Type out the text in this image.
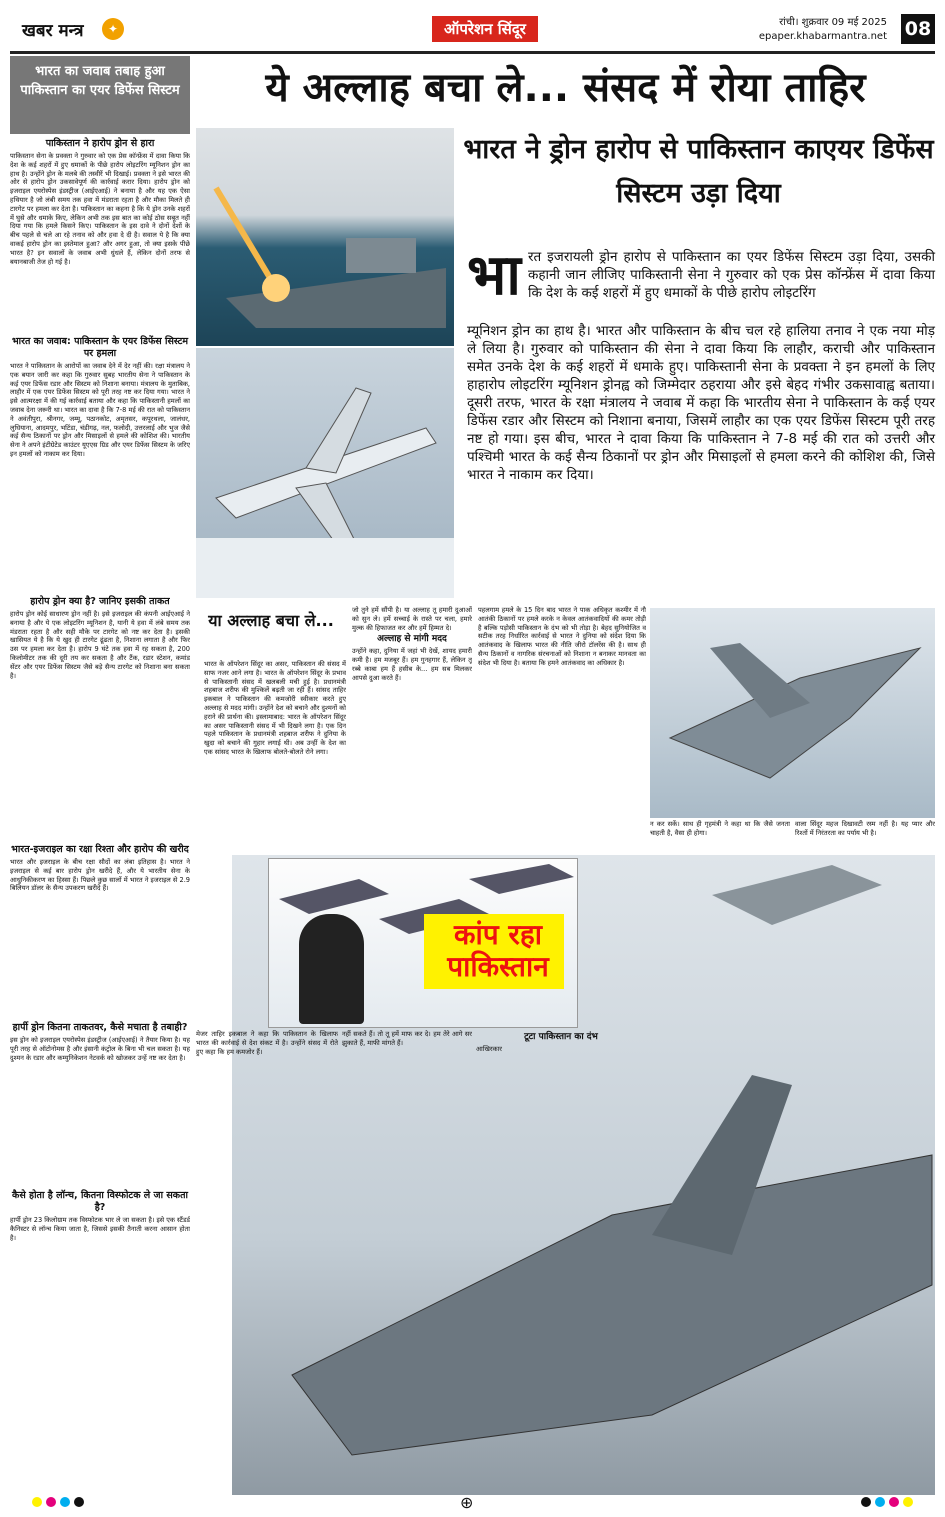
खबर मन्त्र	✦	ऑपरेशन सिंदूर	रांची। शुक्रवार 09 मई 2025
epaper.khabarmantra.net 08
भारत का जवाब तबाह हुआ पाकिस्तान का एयर डिफेंस सिस्टम
पाकिस्तान ने हारोप ड्रोन से हारा
पाकिस्तान सेना के प्रवक्ता ने गुरुवार को एक प्रेस कॉन्फ्रेंस में दावा किया कि देश के कई शहरों में हुए धमाकों के पीछे हारोप लोइटरिंग म्यूनिशन ड्रोन का हाथ है। उन्होंने ड्रोन के मलबे की तस्वीरें भी दिखाई। प्रवक्ता ने इसे भारत की ओर से हारोप ड्रोन उकसावेपूर्ण की कार्रवाई करार दिया। हारोप ड्रोन को इजराइल एयरोस्पेस इंडस्ट्रीज (आईएआई) ने बनाया है और यह एक ऐसा हथियार है जो लंबी समय तक हवा में मंडराता रहता है और मौका मिलते ही टारगेट पर हमला कर देता है। पाकिस्तान का कहना है कि ये ड्रोन उनके शहरों में घुसे और धमाके किए, लेकिन अभी तक इस बात का कोई ठोस सबूत नहीं दिया गया कि हमले किसने किए। पाकिस्तान के इस दावे ने दोनों देशों के बीच पहले से चले आ रहे तनाव को और हवा दे दी है। सवाल ये है कि क्या वाकई हारोप ड्रोन का इस्तेमाल हुआ? और अगर हुआ, तो क्या इसके पीछे भारत है? इन सवालों के जवाब अभी धुंधले हैं, लेकिन दोनों तरफ से बयानबाजी तेज हो गई है।
भारत का जवाब: पाकिस्तान के एयर डिफेंस सिस्टम पर हमला
भारत ने पाकिस्तान के आरोपों का जवाब देने में देर नहीं की। रक्षा मंत्रालय ने एक बयान जारी कर कहा कि गुरुवार सुबह भारतीय सेना ने पाकिस्तान के कई एयर डिफेंस रडार और सिस्टम को निशाना बनाया। मंत्रालय के मुताबिक, लाहौर में एक एयर डिफेंस सिस्टम को पूरी तरह नष्ट कर दिया गया। भारत ने इसे आत्मरक्षा में की गई कार्रवाई बताया और कहा कि पाकिस्तानी हमलों का जवाब देना जरूरी था। भारत का दावा है कि 7-8 मई की रात को पाकिस्तान ने अवंतीपुरा, श्रीनगर, जम्मू, पठानकोट, अमृतसर, कपूरथला, जालंधर, लुधियाना, आदमपुर, भटिंडा, चंडीगढ़, नल, फलोदी, उत्तरलाई और भुज जैसे कई सैन्य ठिकानों पर ड्रोन और मिसाइलों से हमले की कोशिश की। भारतीय सेना ने अपने इंटीग्रेटेड काउंटर यूएएस ग्रिड और एयर डिफेंस सिस्टम के जरिए इन हमलों को नाकाम कर दिया।
हारोप ड्रोन क्या है? जानिए इसकी ताकत
हारोप ड्रोन कोई साधारण ड्रोन नहीं है। इसे इजराइल की कंपनी आईएआई ने बनाया है और ये एक लोइटरिंग म्यूनिशन है, यानी ये हवा में लंबे समय तक मंडराता रहता है और सही मौके पर टारगेट को नष्ट कर देता है। इसकी खासियत ये है कि ये खुद ही टारगेट ढूंढता है, निशाना लगाता है और फिर उस पर हमला कर देता है। हारोप 9 घंटे तक हवा में रह सकता है, 200 किलोमीटर तक की दूरी तय कर सकता है और टैंक, रडार स्टेशन, कमांड सेंटर और एयर डिफेंस सिस्टम जैसे बड़े सैन्य टारगेट को निशाना बना सकता है।
भारत-इजराइल का रक्षा रिश्ता और हारोप की खरीद
भारत और इजराइल के बीच रक्षा सौदों का लंबा इतिहास है। भारत ने इजराइल से कई बार हारोप ड्रोन खरीदे हैं, और ये भारतीय सेना के आधुनिकीकरण का हिस्सा हैं। पिछले कुछ सालों में भारत ने इजराइल से 2.9 बिलियन डॉलर के सैन्य उपकरण खरीदे हैं।
हार्पी ड्रोन कितना ताकतवर, कैसे मचाता है तबाही?
इस ड्रोन को इजराइल एयरोस्पेस इंडस्ट्रीज (आईएआई) ने तैयार किया है। यह पूरी तरह से ऑटोनोमस है और इंसानी कंट्रोल के बिना भी चल सकता है। यह दुश्मन के रडार और कम्युनिकेशन नेटवर्क को खोजकर उन्हें नष्ट कर देता है।
कैसे होता है लॉन्च, कितना विस्फोटक ले जा सकता है?
हार्पी ड्रोन 23 किलोग्राम तक विस्फोटक भार ले जा सकता है। इसे एक स्टैंडर्ड कैनिस्टर से लॉन्च किया जाता है, जिससे इसकी तैनाती करना आसान होता है।
ये अल्लाह बचा ले... संसद में रोया ताहिर
भारत ने ड्रोन हारोप से पाकिस्तान काएयर डिफेंस सिस्टम उड़ा दिया
भा रत इजरायली ड्रोन हारोप से पाकिस्तान का एयर डिफेंस सिस्टम उड़ा दिया, उसकी कहानी जान लीजिए पाकिस्तानी सेना ने गुरुवार को एक प्रेस कॉन्फ्रेंस में दावा किया कि देश के कई शहरों में हुए धमाकों के पीछे हारोप लोइटरिंग
म्यूनिशन ड्रोन का हाथ है। भारत और पाकिस्तान के बीच चल रहे हालिया तनाव ने एक नया मोड़ ले लिया है। गुरुवार को पाकिस्तान की सेना ने दावा किया कि लाहौर, कराची और पाकिस्तान समेत उनके देश के कई शहरों में धमाके हुए। पाकिस्तानी सेना के प्रवक्ता ने इन हमलों के लिए हाहारोप लोइटरिंग म्यूनिशन ड्रोनह्व को जिम्मेदार ठहराया और इसे बेहद गंभीर उकसावाह्व बताया। दूसरी तरफ, भारत के रक्षा मंत्रालय ने जवाब में कहा कि भारतीय सेना ने पाकिस्तान के कई एयर डिफेंस रडार और सिस्टम को निशाना बनाया, जिसमें लाहौर का एक एयर डिफेंस सिस्टम पूरी तरह नष्ट हो गया। इस बीच, भारत ने दावा किया कि पाकिस्तान ने 7-8 मई की रात को उत्तरी और पश्चिमी भारत के कई सैन्य ठिकानों पर ड्रोन और मिसाइलों से हमला करने की कोशिश की, जिसे भारत ने नाकाम कर दिया।
या अल्लाह बचा ले...
भारत के ऑपरेशन सिंदूर का असर, पाकिस्तान की संसद में साफ नजर आने लगा है। भारत के ऑपरेशन सिंदूर के प्रभाव से पाकिस्तानी संसद में खलबली मची हुई है। प्रधानमंत्री शहबाज शरीफ की मुश्किलें बढ़ती जा रही हैं। सांसद ताहिर इकबाल ने पाकिस्तान की कमजोरी स्वीकार करते हुए अल्लाह से मदद मांगी। उन्होंने देश को बचाने और दुश्मनों को हराने की प्रार्थना की। इस्लामाबाद: भारत के ऑपरेशन सिंदूर का असर पाकिस्तानी संसद में भी दिखने लगा है। एक दिन पहले पाकिस्तान के प्रधानमंत्री शहबाज शरीफ ने दुनिया के खुदा को बचाने की गुहार लगाई थी। अब उन्हीं के देश का एक सांसद भारत के खिलाफ बोलते-बोलते रोने लगा।
जो तुने हमें सौंपी है। या अल्लाह तू हमारी दुआओं को सुन ले। हमें सच्चाई के रास्ते पर चला, हमारे मुल्क की हिफाजत कर और हमें हिम्मत दे।
अल्लाह से मांगी मदद
उन्होंने कहा, दुनिया में जहां भी देखें, शायद हमारी कमी है। हम मजबूर हैं। हम गुनहगार हैं, लेकिन तू रब्बे काबा हम हैं हसीब के... हम सब मिलकर आपसे दुआ करते हैं।
पहलगाम हमले के 15 दिन बाद भारत ने पाक अधिकृत कश्मीर में नौ आतंकी ठिकानों पर हमले करके न केवल आतंकवादियों की कमर तोड़ी है बल्कि पड़ोसी पाकिस्तान के दंभ को भी तोड़ा है। बेहद सुनियोजित व सटीक तरह निर्धारित कार्रवाई से भारत ने दुनिया को संदेश दिया कि आतंकवाद के खिलाफ भारत की नीति जीरो टॉलरेंस की है। साथ ही सैन्य ठिकानों व नागरिक संरचनाओं को निशाना न बनाकर मानवता का संदेश भी दिया है। बताया कि हमने आतंकवाद का अधिकार है।
न कर सकें। साथ ही गृहमंत्री ने कहा था कि जैसे जनता चाहती है, वैसा ही होगा।
वाला सिंदूर महज दिखावटी रस्म नहीं है। यह प्यार और रिश्तों में निरंतरता का पर्याय भी है।
कांप रहा पाकिस्तान
मेजर ताहिर इकबाल ने कहा कि पाकिस्तान के खिलाफ भारत की कार्रवाई से देश संकट में है। उन्होंने संसद में रोते हुए कहा कि हम कमजोर हैं।
नहीं सकते हैं। तो तू हमें माफ कर दे। हम तेरे आगे सर झुकाते हैं, माफी मांगते हैं।
टूटा पाकिस्तान का दंभ
आखिरकार
⊕
